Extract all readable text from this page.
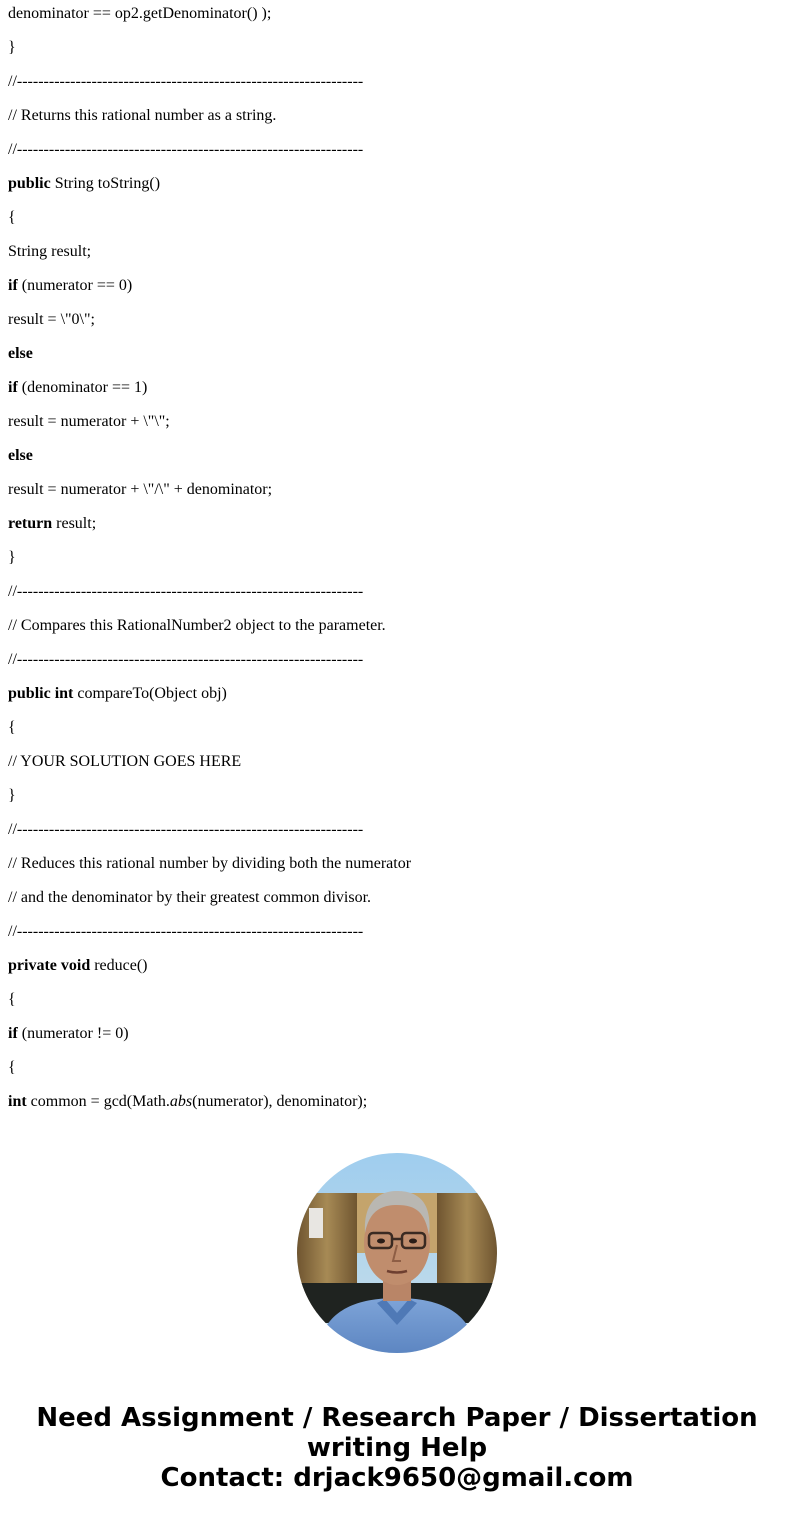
denominator == op2.getDenominator() );
}
//-----------------------------------------------------------------
// Returns this rational number as a string.
//-----------------------------------------------------------------
public String toString()
{
String result;
if (numerator == 0)
result = \"0\";
else
if (denominator == 1)
result = numerator + \"\";
else
result = numerator + \"/\" + denominator;
return result;
}
//-----------------------------------------------------------------
// Compares this RationalNumber2 object to the parameter.
//-----------------------------------------------------------------
public int compareTo(Object obj)
{
// YOUR SOLUTION GOES HERE
}
//-----------------------------------------------------------------
// Reduces this rational number by dividing both the numerator
// and the denominator by their greatest common divisor.
//-----------------------------------------------------------------
private void reduce()
{
if (numerator != 0)
{
int common = gcd(Math.abs(numerator), denominator);
Need Assignment / Research Paper / Dissertation
writing Help
Contact: drjack9650@gmail.com
